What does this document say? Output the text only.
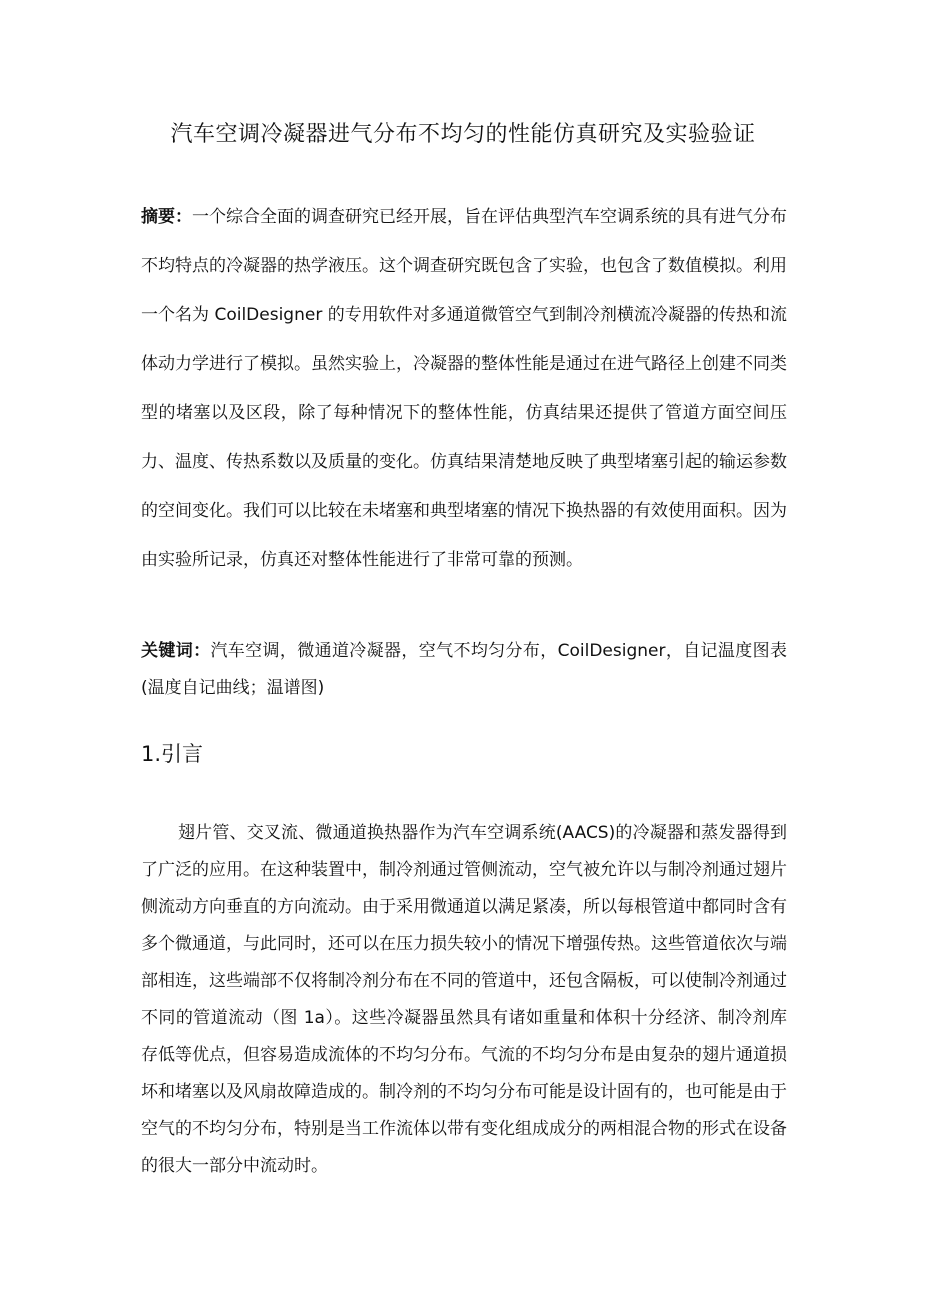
汽车空调冷凝器进气分布不均匀的性能仿真研究及实验验证

摘要：一个综合全面的调查研究已经开展，旨在评估典型汽车空调系统的具有进气分布不均特点的冷凝器的热学液压。这个调查研究既包含了实验，也包含了数值模拟。利用一个名为 CoilDesigner 的专用软件对多通道微管空气到制冷剂横流冷凝器的传热和流体动力学进行了模拟。虽然实验上，冷凝器的整体性能是通过在进气路径上创建不同类型的堵塞以及区段，除了每种情况下的整体性能，仿真结果还提供了管道方面空间压力、温度、传热系数以及质量的变化。仿真结果清楚地反映了典型堵塞引起的输运参数的空间变化。我们可以比较在未堵塞和典型堵塞的情况下换热器的有效使用面积。因为由实验所记录，仿真还对整体性能进行了非常可靠的预测。

关键词：汽车空调，微通道冷凝器，空气不均匀分布，CoilDesigner，自记温度图表(温度自记曲线；温谱图)

1.引言

翅片管、交叉流、微通道换热器作为汽车空调系统(AACS)的冷凝器和蒸发器得到了广泛的应用。在这种装置中，制冷剂通过管侧流动，空气被允许以与制冷剂通过翅片侧流动方向垂直的方向流动。由于采用微通道以满足紧凑，所以每根管道中都同时含有多个微通道，与此同时，还可以在压力损失较小的情况下增强传热。这些管道依次与端部相连，这些端部不仅将制冷剂分布在不同的管道中，还包含隔板，可以使制冷剂通过不同的管道流动（图 1a）。这些冷凝器虽然具有诸如重量和体积十分经济、制冷剂库存低等优点，但容易造成流体的不均匀分布。气流的不均匀分布是由复杂的翅片通道损坏和堵塞以及风扇故障造成的。制冷剂的不均匀分布可能是设计固有的，也可能是由于空气的不均匀分布，特别是当工作流体以带有变化组成成分的两相混合物的形式在设备的很大一部分中流动时。
